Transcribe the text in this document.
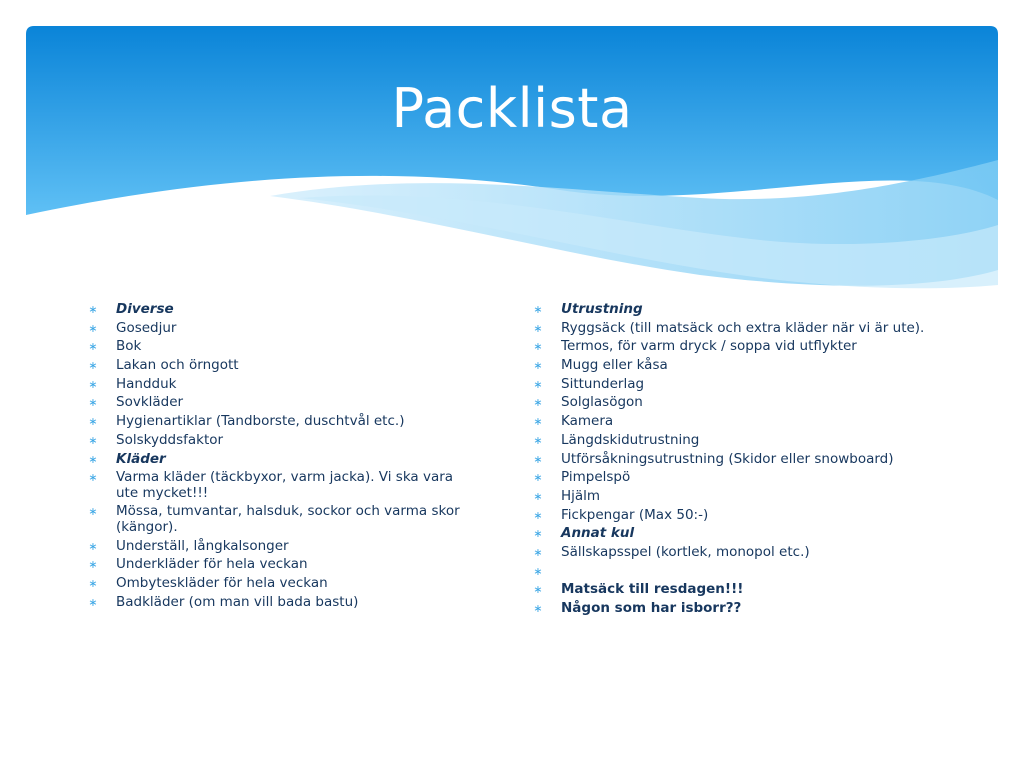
Packlista
∗ Diverse
∗ Gosedjur
∗ Bok
∗ Lakan och örngott
∗ Handduk
∗ Sovkläder
∗ Hygienartiklar (Tandborste, duschtvål etc.)
∗ Solskyddsfaktor
∗ Kläder
∗ Varma kläder (täckbyxor, varm jacka). Vi ska vara ute mycket!!!
∗ Mössa, tumvantar, halsduk, sockor och varma skor (kängor).
∗ Underställ, långkalsonger
∗ Underkläder för hela veckan
∗ Ombyteskläder för hela veckan
∗ Badkläder (om man vill bada bastu)
∗ Utrustning
∗ Ryggsäck (till matsäck och extra kläder när vi är ute).
∗ Termos, för varm dryck / soppa vid utflykter
∗ Mugg eller kåsa
∗ Sittunderlag
∗ Solglasögon
∗ Kamera
∗ Längdskidutrustning
∗ Utförsåkningsutrustning (Skidor eller snowboard)
∗ Pimpelspö
∗ Hjälm
∗ Fickpengar (Max 50:-)
∗ Annat kul
∗ Sällskapsspel (kortlek, monopol etc.)
∗
∗ Matsäck till resdagen!!!
∗ Någon som har isborr??
